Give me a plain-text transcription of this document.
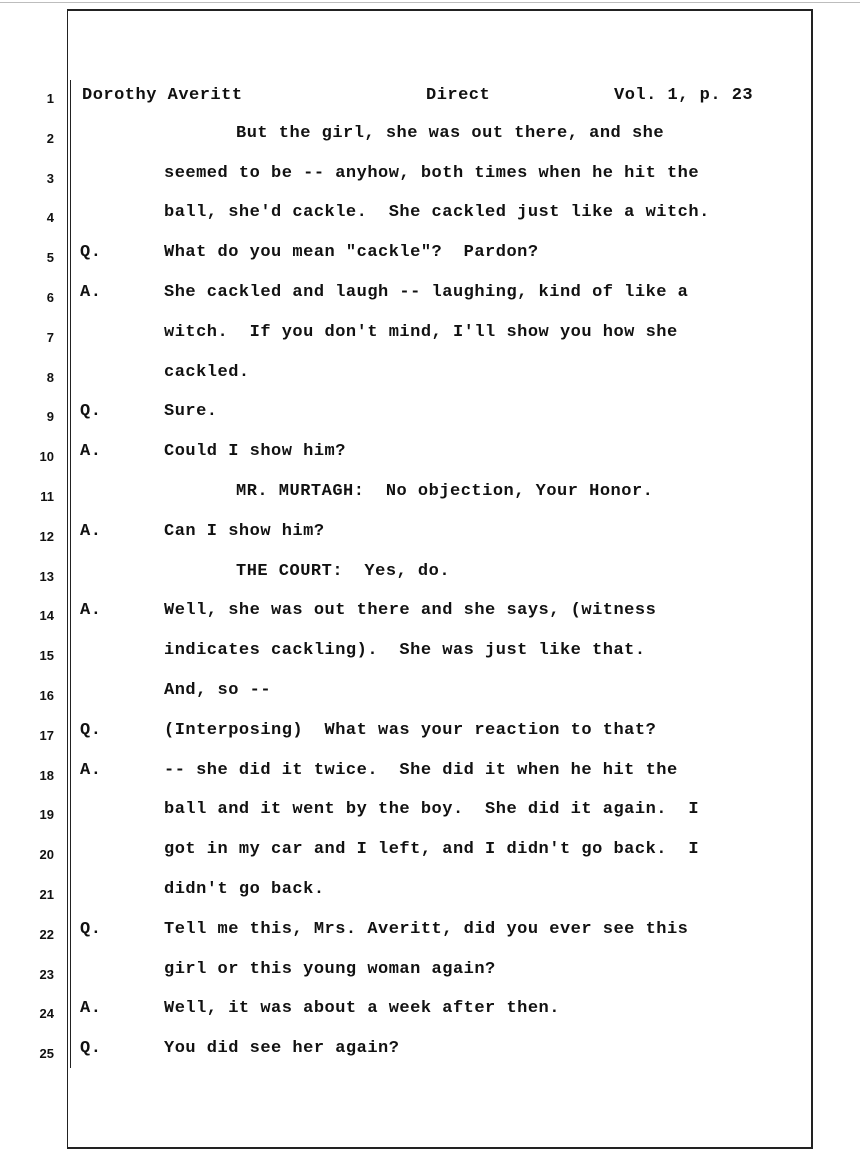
Dorothy Averitt	Direct	Vol. 1, p. 23
1
2	But the girl, she was out there, and she
3	seemed to be -- anyhow, both times when he hit the
4	ball, she'd cackle.  She cackled just like a witch.
5 Q.	What do you mean "cackle"?  Pardon?
6 A.	She cackled and laugh -- laughing, kind of like a
7	witch.  If you don't mind, I'll show you how she
8	cackled.
9 Q.	Sure.
10 A.	Could I show him?
11	MR. MURTAGH:  No objection, Your Honor.
12 A.	Can I show him?
13	THE COURT:  Yes, do.
14 A.	Well, she was out there and she says, (witness
15	indicates cackling).  She was just like that.
16	And, so --
17 Q.	(Interposing)  What was your reaction to that?
18 A.	-- she did it twice.  She did it when he hit the
19	ball and it went by the boy.  She did it again.  I
20	got in my car and I left, and I didn't go back.  I
21	didn't go back.
22 Q.	Tell me this, Mrs. Averitt, did you ever see this
23	girl or this young woman again?
24 A.	Well, it was about a week after then.
25 Q.	You did see her again?
